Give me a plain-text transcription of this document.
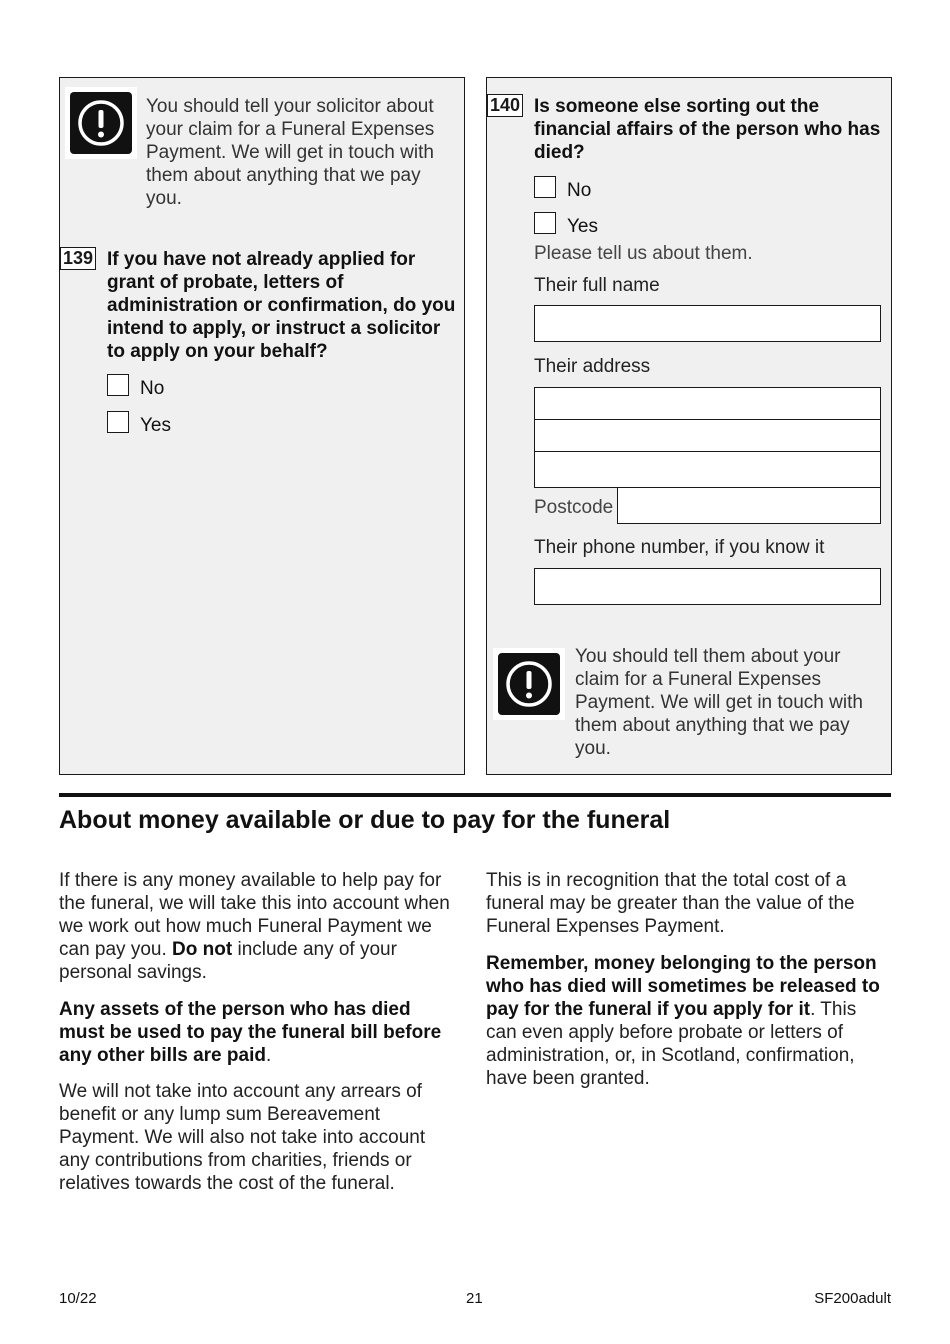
You should tell your solicitor about your claim for a Funeral Expenses Payment. We will get in touch with them about anything that we pay you.
139 If you have not already applied for grant of probate, letters of administration or confirmation, do you intend to apply, or instruct a solicitor to apply on your behalf?
No
Yes
140 Is someone else sorting out the financial affairs of the person who has died?
No
Yes
Please tell us about them.
Their full name
Their address
Postcode
Their phone number, if you know it
You should tell them about your claim for a Funeral Expenses Payment. We will get in touch with them about anything that we pay you.
About money available or due to pay for the funeral
If there is any money available to help pay for the funeral, we will take this into account when we work out how much Funeral Payment we can pay you. Do not include any of your personal savings.
Any assets of the person who has died must be used to pay the funeral bill before any other bills are paid.
We will not take into account any arrears of benefit or any lump sum Bereavement Payment. We will also not take into account any contributions from charities, friends or relatives towards the cost of the funeral.
This is in recognition that the total cost of a funeral may be greater than the value of the Funeral Expenses Payment.
Remember, money belonging to the person who has died will sometimes be released to pay for the funeral if you apply for it. This can even apply before probate or letters of administration, or, in Scotland, confirmation, have been granted.
10/22	21	SF200adult
